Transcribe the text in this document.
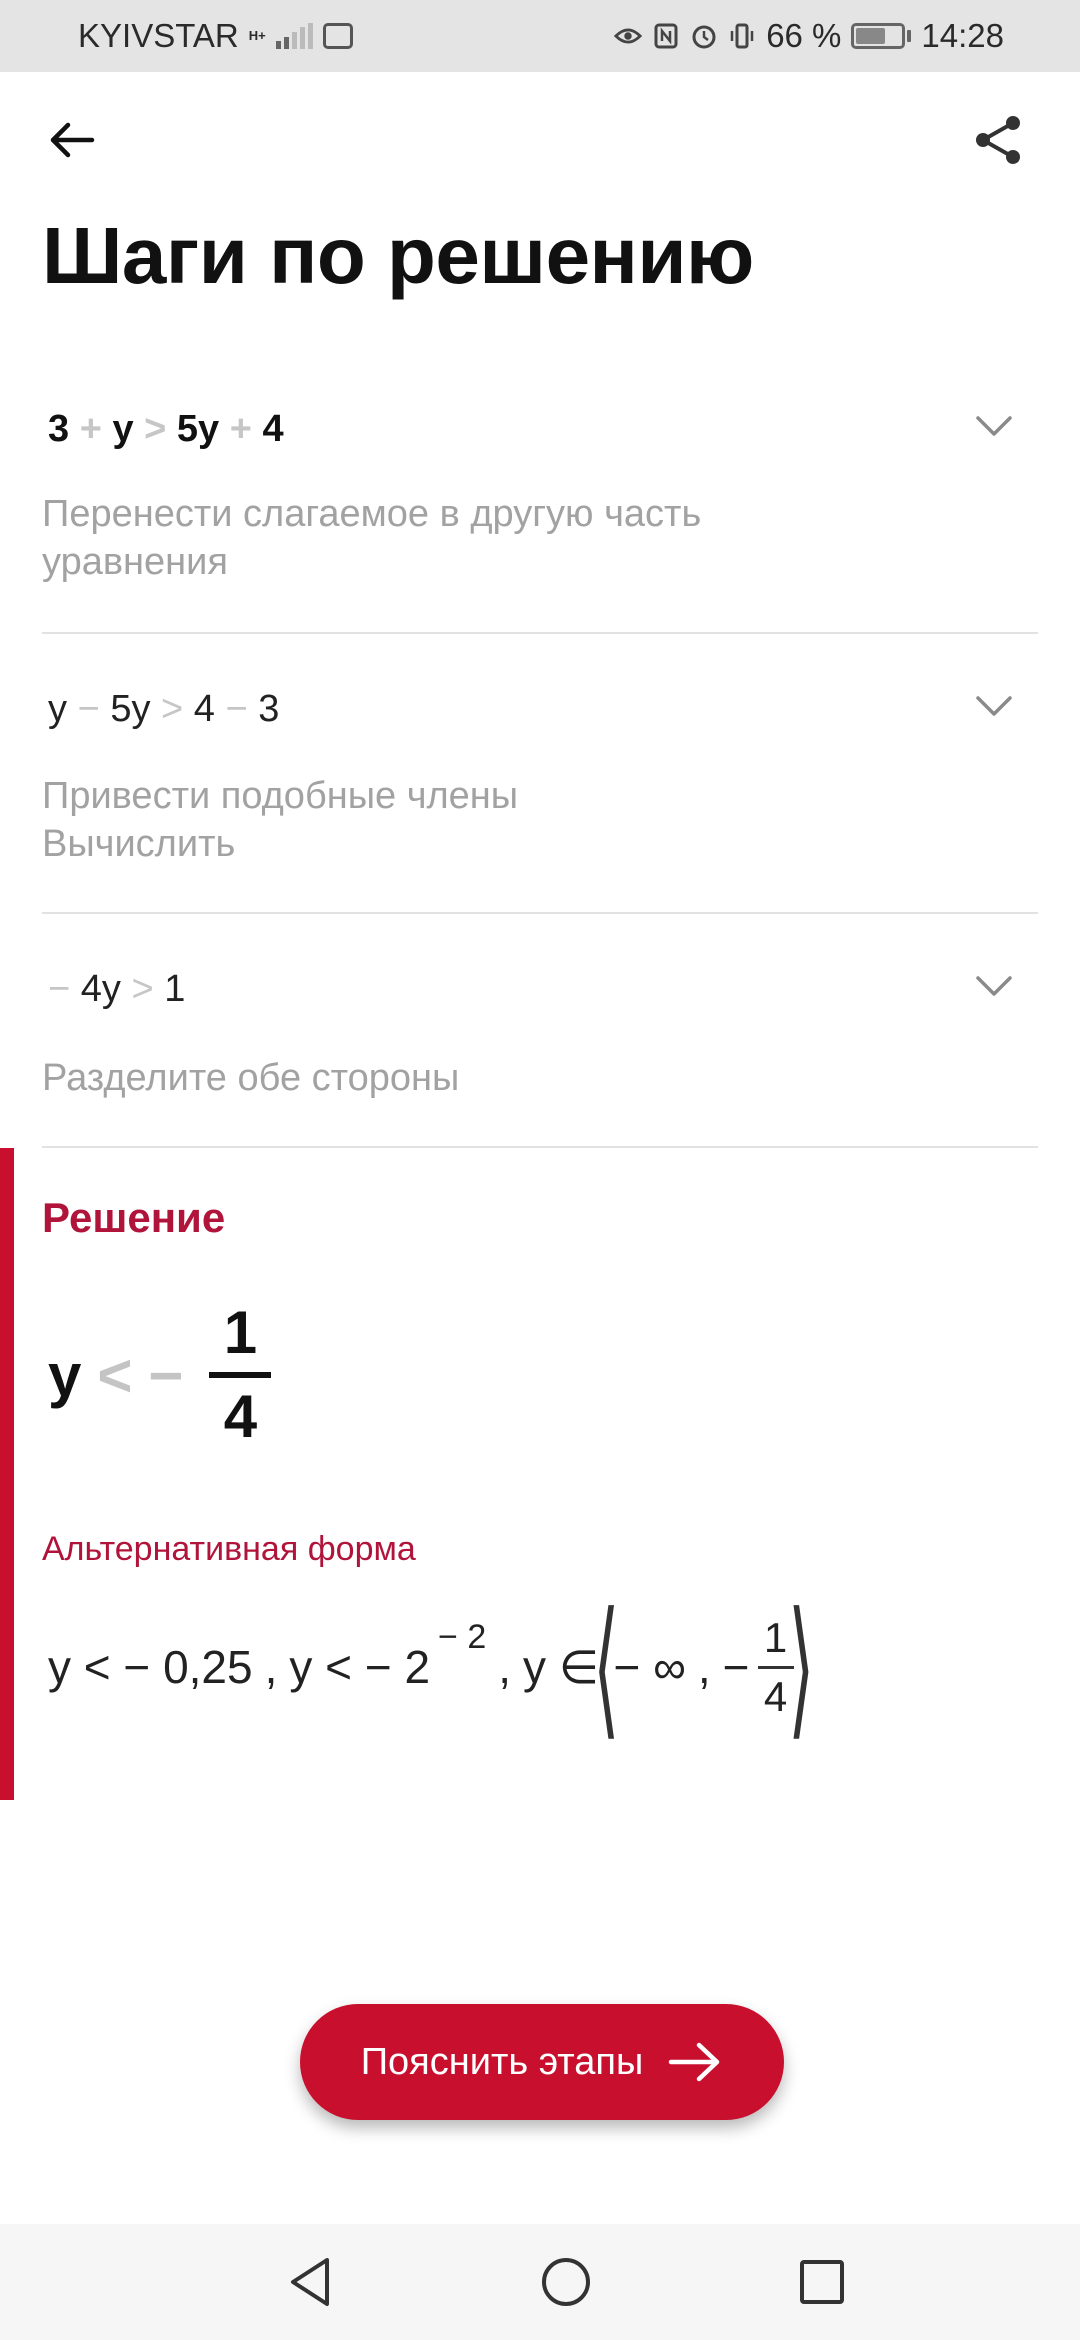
KYIVSTAR H+	66 % 14:28
Шаги по решению
3 + y > 5y + 4
Перенести слагаемое в другую часть уравнения
y − 5y > 4 − 3
Привести подобные члены
Вычислить
− 4y > 1
Разделите обе стороны
Решение
y < −
1
4
Альтернативная форма
y < − 0,25 , y < − 2
− 2
, y ∈
⟨
− ∞ , − $\frac{1}{4}$
⟩
Пояснить этапы
